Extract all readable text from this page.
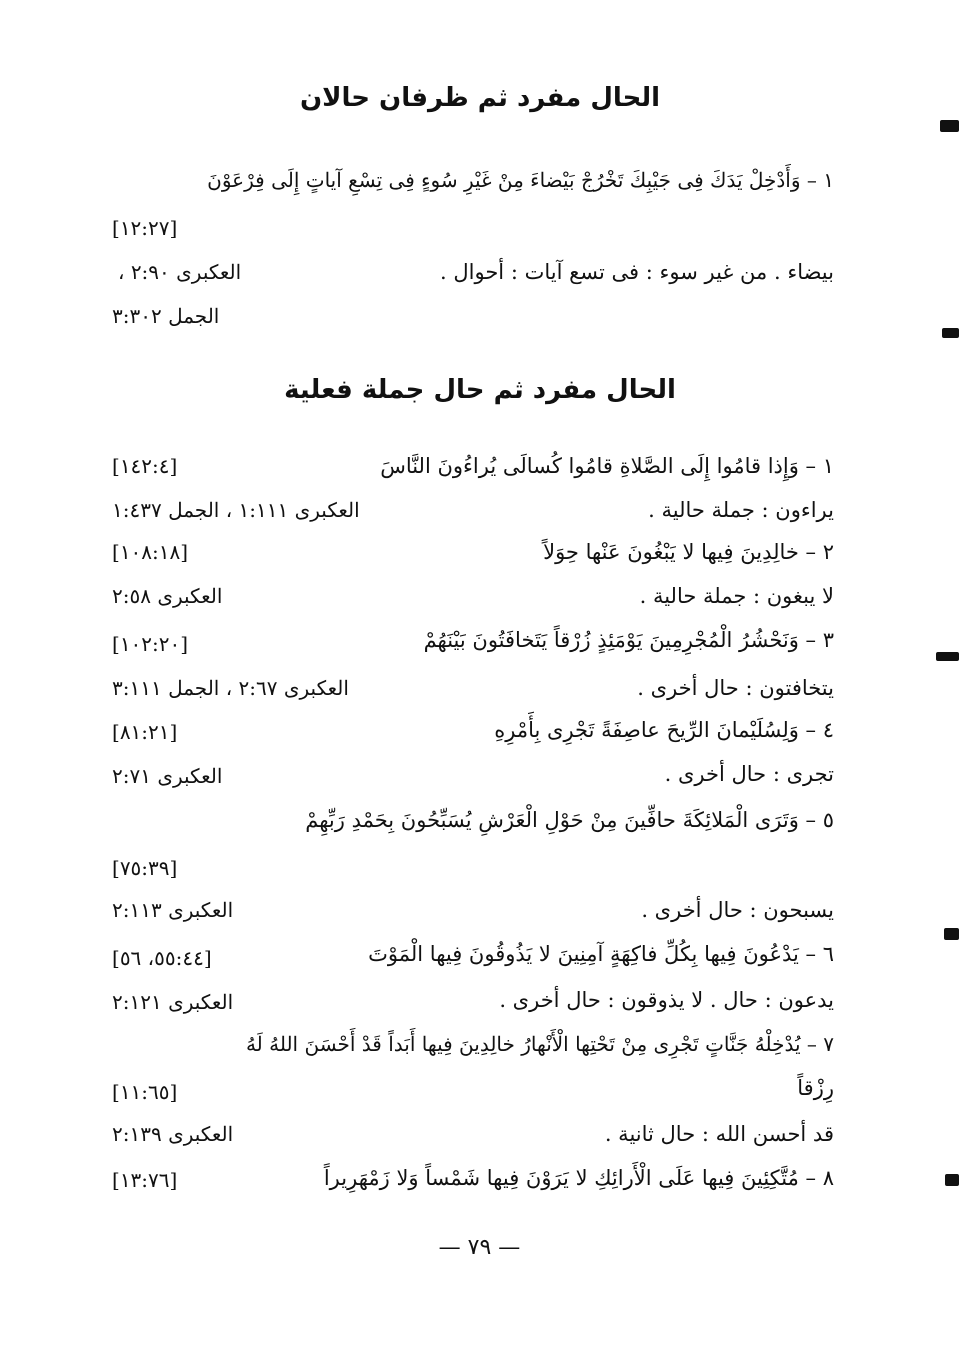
الحال مفرد ثم ظرفان حالان
١ – وَأَدْخِلْ يَدَكَ فِى جَيْبِكَ تَخْرُجْ بَيْضاءَ مِنْ غَيْرِ سُوءٍ فِى تِسْعِ آياتٍ إِلَى فِرْعَوْنَ
[١٢:٢٧]
بيضاء . من غير سوء : فى تسع آيات : أحوال .
العكبرى ٢:٩٠ ،
الجمل ٣:٣٠٢
الحال مفرد ثم حال جملة فعلية
١ – وَإِذا قامُوا إِلَى الصَّلاةِ قامُوا كُسالَى يُراءُونَ النَّاسَ
[١٤٢:٤]
يراءون : جملة حالية .
العكبرى ١:١١١ ، الجمل ١:٤٣٧
٢ – خالِدِينَ فِيها لا يَبْغُونَ عَنْها حِوَلاً
[١٠٨:١٨]
لا يبغون : جملة حالية .
العكبرى ٢:٥٨
٣ – وَنَحْشُرُ الْمُجْرِمِينَ يَوْمَئِذٍ زُرْقاً يَتَخافَتُونَ بَيْنَهُمْ
[١٠٢:٢٠]
يتخافتون : حال أخرى .
العكبرى ٢:٦٧ ، الجمل ٣:١١١
٤ – وَلِسُلَيْمانَ الرِّيحَ عاصِفَةً تَجْرِى بِأَمْرِهِ
[٨١:٢١]
تجرى : حال أخرى .
العكبرى ٢:٧١
٥ – وَتَرَى الْمَلائِكَةَ حافِّينَ مِنْ حَوْلِ الْعَرْشِ يُسَبِّحُونَ بِحَمْدِ رَبِّهِمْ
[٧٥:٣٩]
يسبحون : حال أخرى .
العكبرى ٢:١١٣
٦ – يَدْعُونَ فِيها بِكُلِّ فاكِهَةٍ آمِنِينَ لا يَذُوقُونَ فِيها الْمَوْتَ
[٥٥:٤٤، ٥٦]
يدعون : حال . لا يذوقون : حال أخرى .
العكبرى ٢:١٢١
٧ – يُدْخِلْهُ جَنَّاتٍ تَجْرِى مِنْ تَحْتِها الْأَنْهارُ خالِدِينَ فِيها أَبَداً قَدْ أَحْسَنَ اللهُ لَهُ
رِزْقاً
[١١:٦٥]
قد أحسن الله : حال ثانية .
العكبرى ٢:١٣٩
٨ – مُتَّكِئِينَ فِيها عَلَى الْأَرائِكِ لا يَرَوْنَ فِيها شَمْساً وَلا زَمْهَرِيراً
[١٣:٧٦]
— ٧٩ —
